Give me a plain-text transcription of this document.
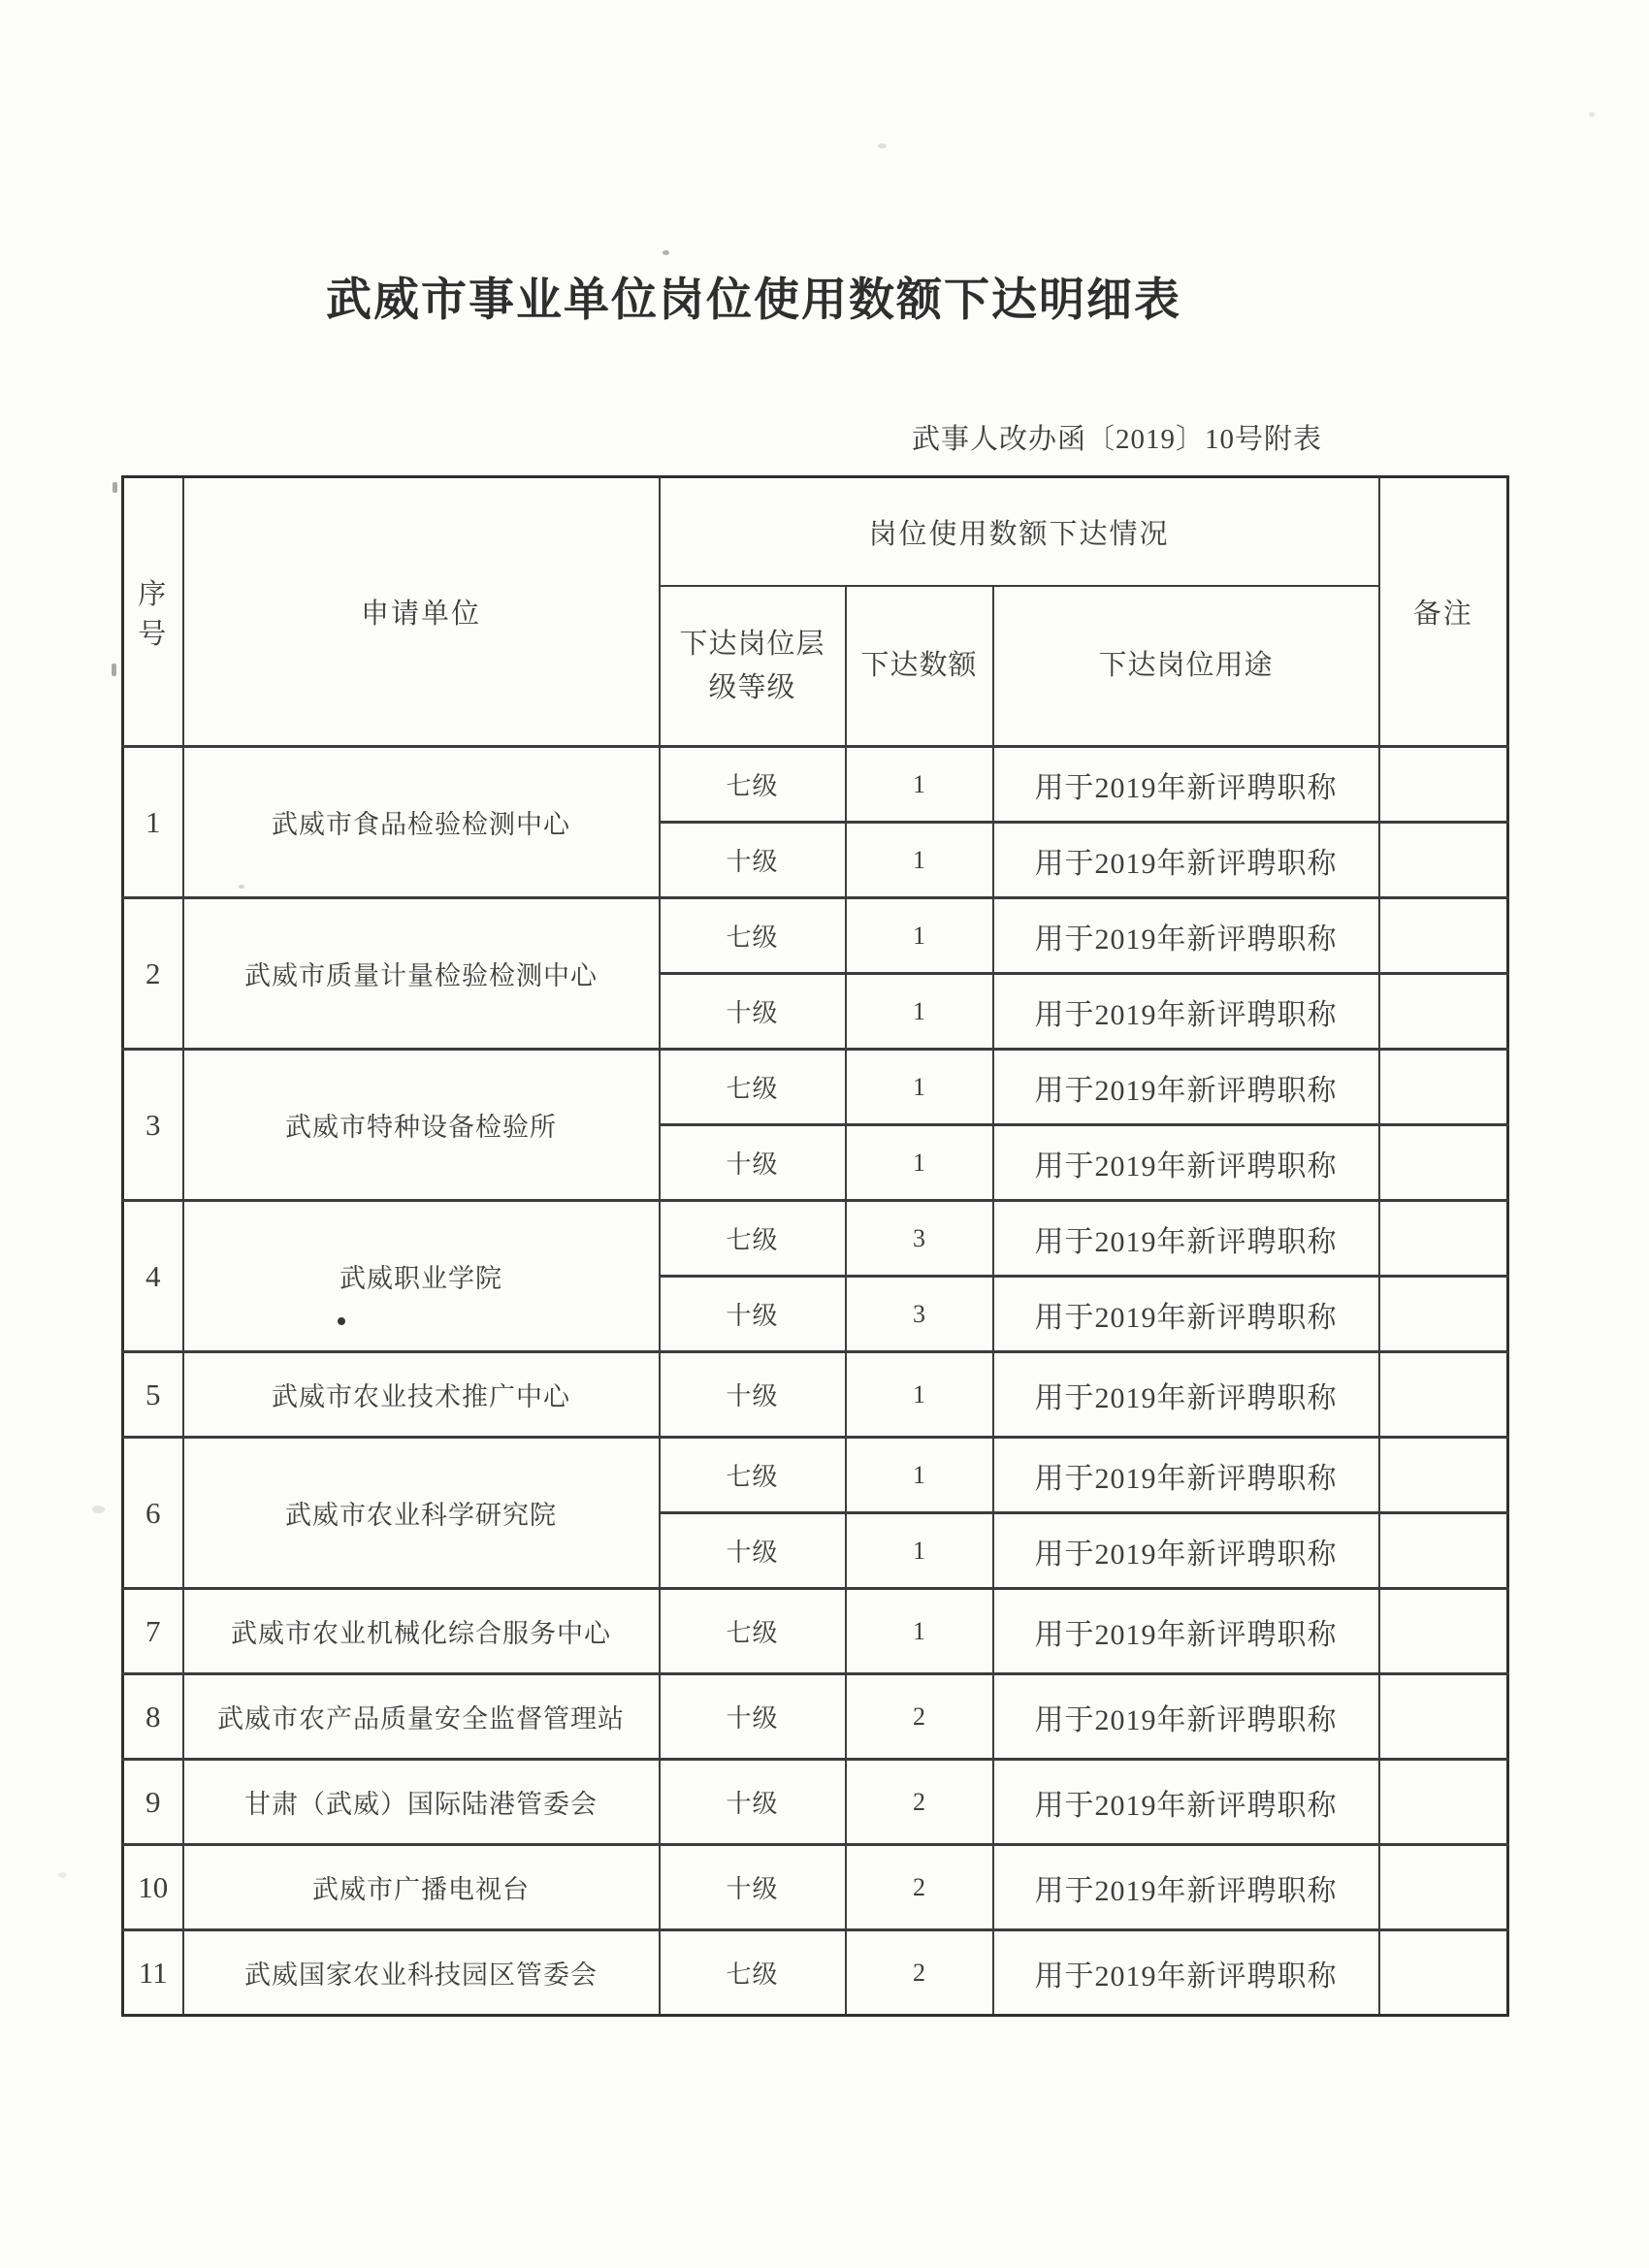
武威市事业单位岗位使用数额下达明细表
武事人改办函〔2019〕10号附表
序号	申请单位	岗位使用数额下达情况			备注
		下达岗位层级等级	下达数额	下达岗位用途	
1	武威市食品检验检测中心	七级	1	用于2019年新评聘职称	
		十级	1	用于2019年新评聘职称	
2	武威市质量计量检验检测中心	七级	1	用于2019年新评聘职称	
		十级	1	用于2019年新评聘职称	
3	武威市特种设备检验所	七级	1	用于2019年新评聘职称	
		十级	1	用于2019年新评聘职称	
4	武威职业学院	七级	3	用于2019年新评聘职称	
		十级	3	用于2019年新评聘职称	
5	武威市农业技术推广中心	十级	1	用于2019年新评聘职称	
6	武威市农业科学研究院	七级	1	用于2019年新评聘职称	
		十级	1	用于2019年新评聘职称	
7	武威市农业机械化综合服务中心	七级	1	用于2019年新评聘职称	
8	武威市农产品质量安全监督管理站	十级	2	用于2019年新评聘职称	
9	甘肃（武威）国际陆港管委会	十级	2	用于2019年新评聘职称	
10	武威市广播电视台	十级	2	用于2019年新评聘职称	
11	武威国家农业科技园区管委会	七级	2	用于2019年新评聘职称	
